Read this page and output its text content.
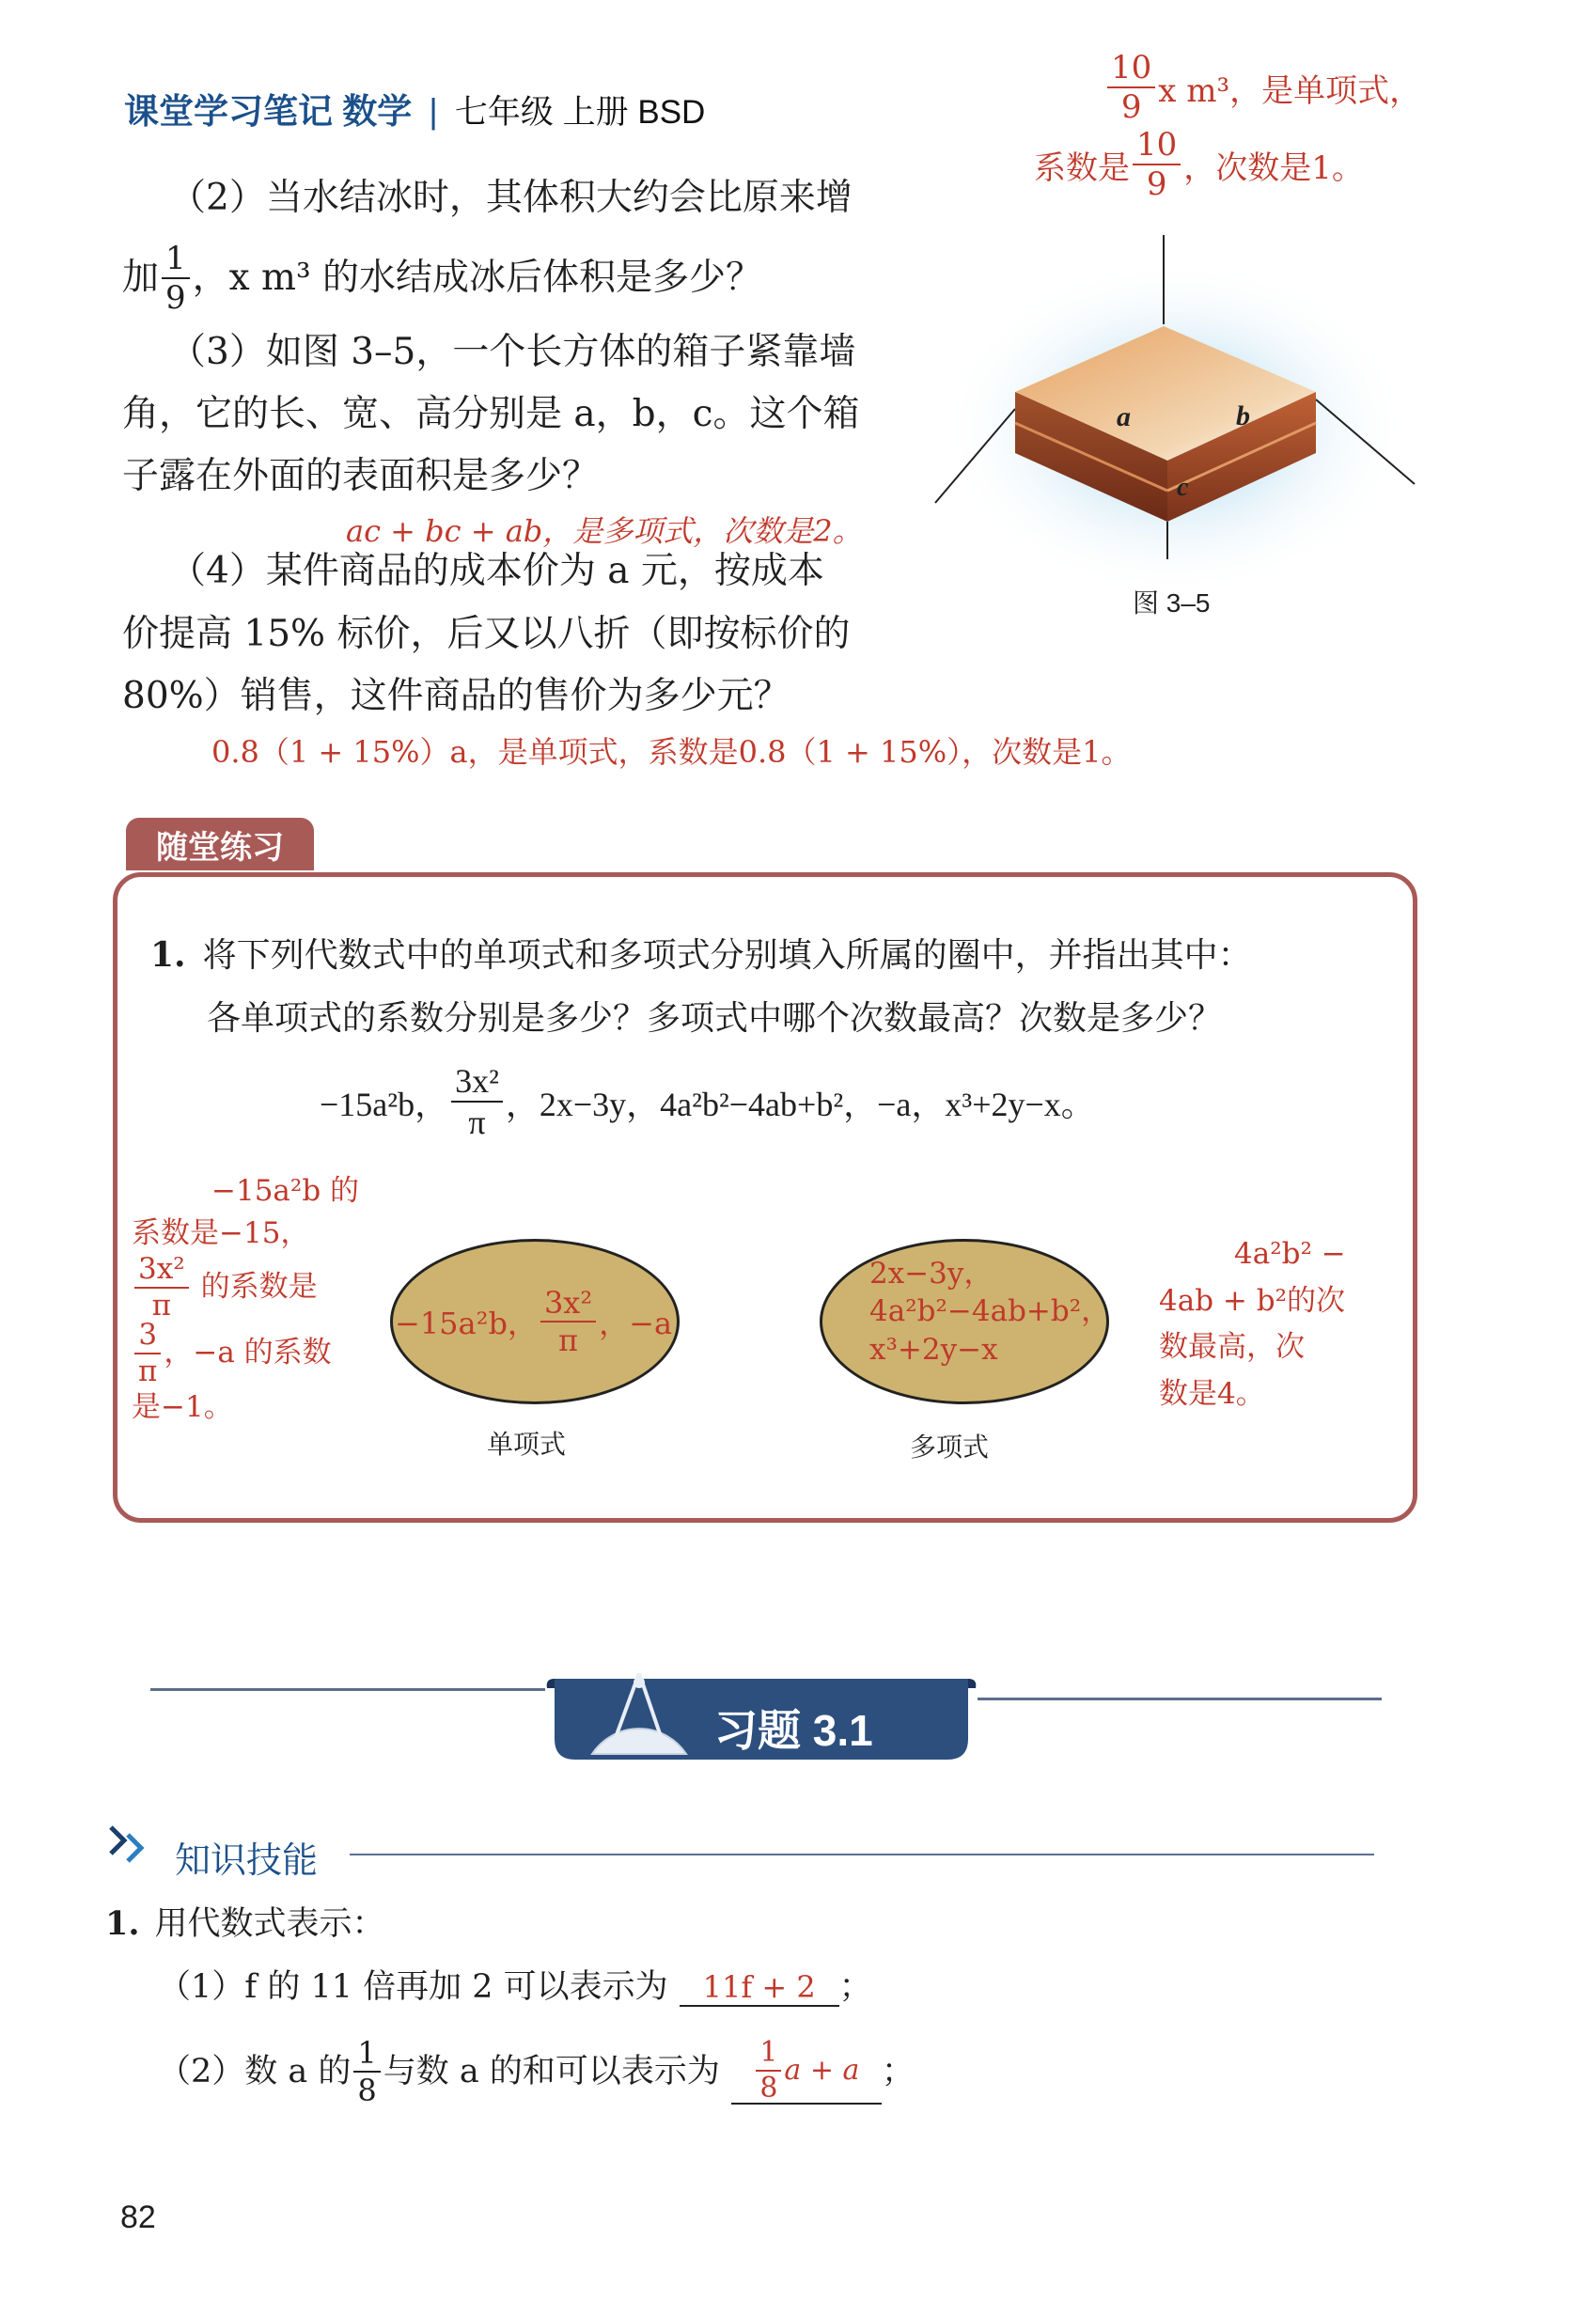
课堂学习笔记 数学 | 七年级 上册 BSD	$\frac{10}{9}$ x m³，是单项式，
系数是 $\frac{10}{9}$ ，次数是1。
（2）当水结冰时，其体积大约会比原来增
加 $\frac{1}{9}$ ，x m³ 的水结成冰后体积是多少？
（3）如图 3–5，一个长方体的箱子紧靠墙
角，它的长、宽、高分别是 a，b，c。这个箱
子露在外面的表面积是多少？
ac + bc + ab，是多项式，次数是2。
（4）某件商品的成本价为 a 元，按成本
价提高 15% 标价，后又以八折（即按标价的
80%）销售，这件商品的售价为多少元？
0.8（1 + 15%）a，是单项式，系数是0.8（1 + 15%），次数是1。
a	b
c
图 3–5
随堂练习
1. 将下列代数式中的单项式和多项式分别填入所属的圈中，并指出其中：
各单项式的系数分别是多少？多项式中哪个次数最高？次数是多少？
−15a²b， $\frac{\text{3x²}}{\pi}$ ，2x−3y，4a²b²−4ab+b²，−a，x³+2y−x。
−15a²b 的
系数是−15，
$\frac{\text{3x²}}{\pi}$ 的系数是
$\frac{3}{\pi}$ ，−a 的系数
是−1。
−15a²b， $\frac{\text{3x²}}{\pi}$ ，−a
单项式
2x−3y，
4a²b²−4ab+b²，
x³+2y−x
多项式
4a²b² −
4ab + b²的次
数最高，次
数是4。
习题 3.1
知识技能
1. 用代数式表示：
（1）f 的 11 倍再加 2 可以表示为	11f + 2 ；
（2）数 a 的 $\frac{1}{8}$ 与数 a 的和可以表示为 $\frac{1}{8}$ a + a ；
82
